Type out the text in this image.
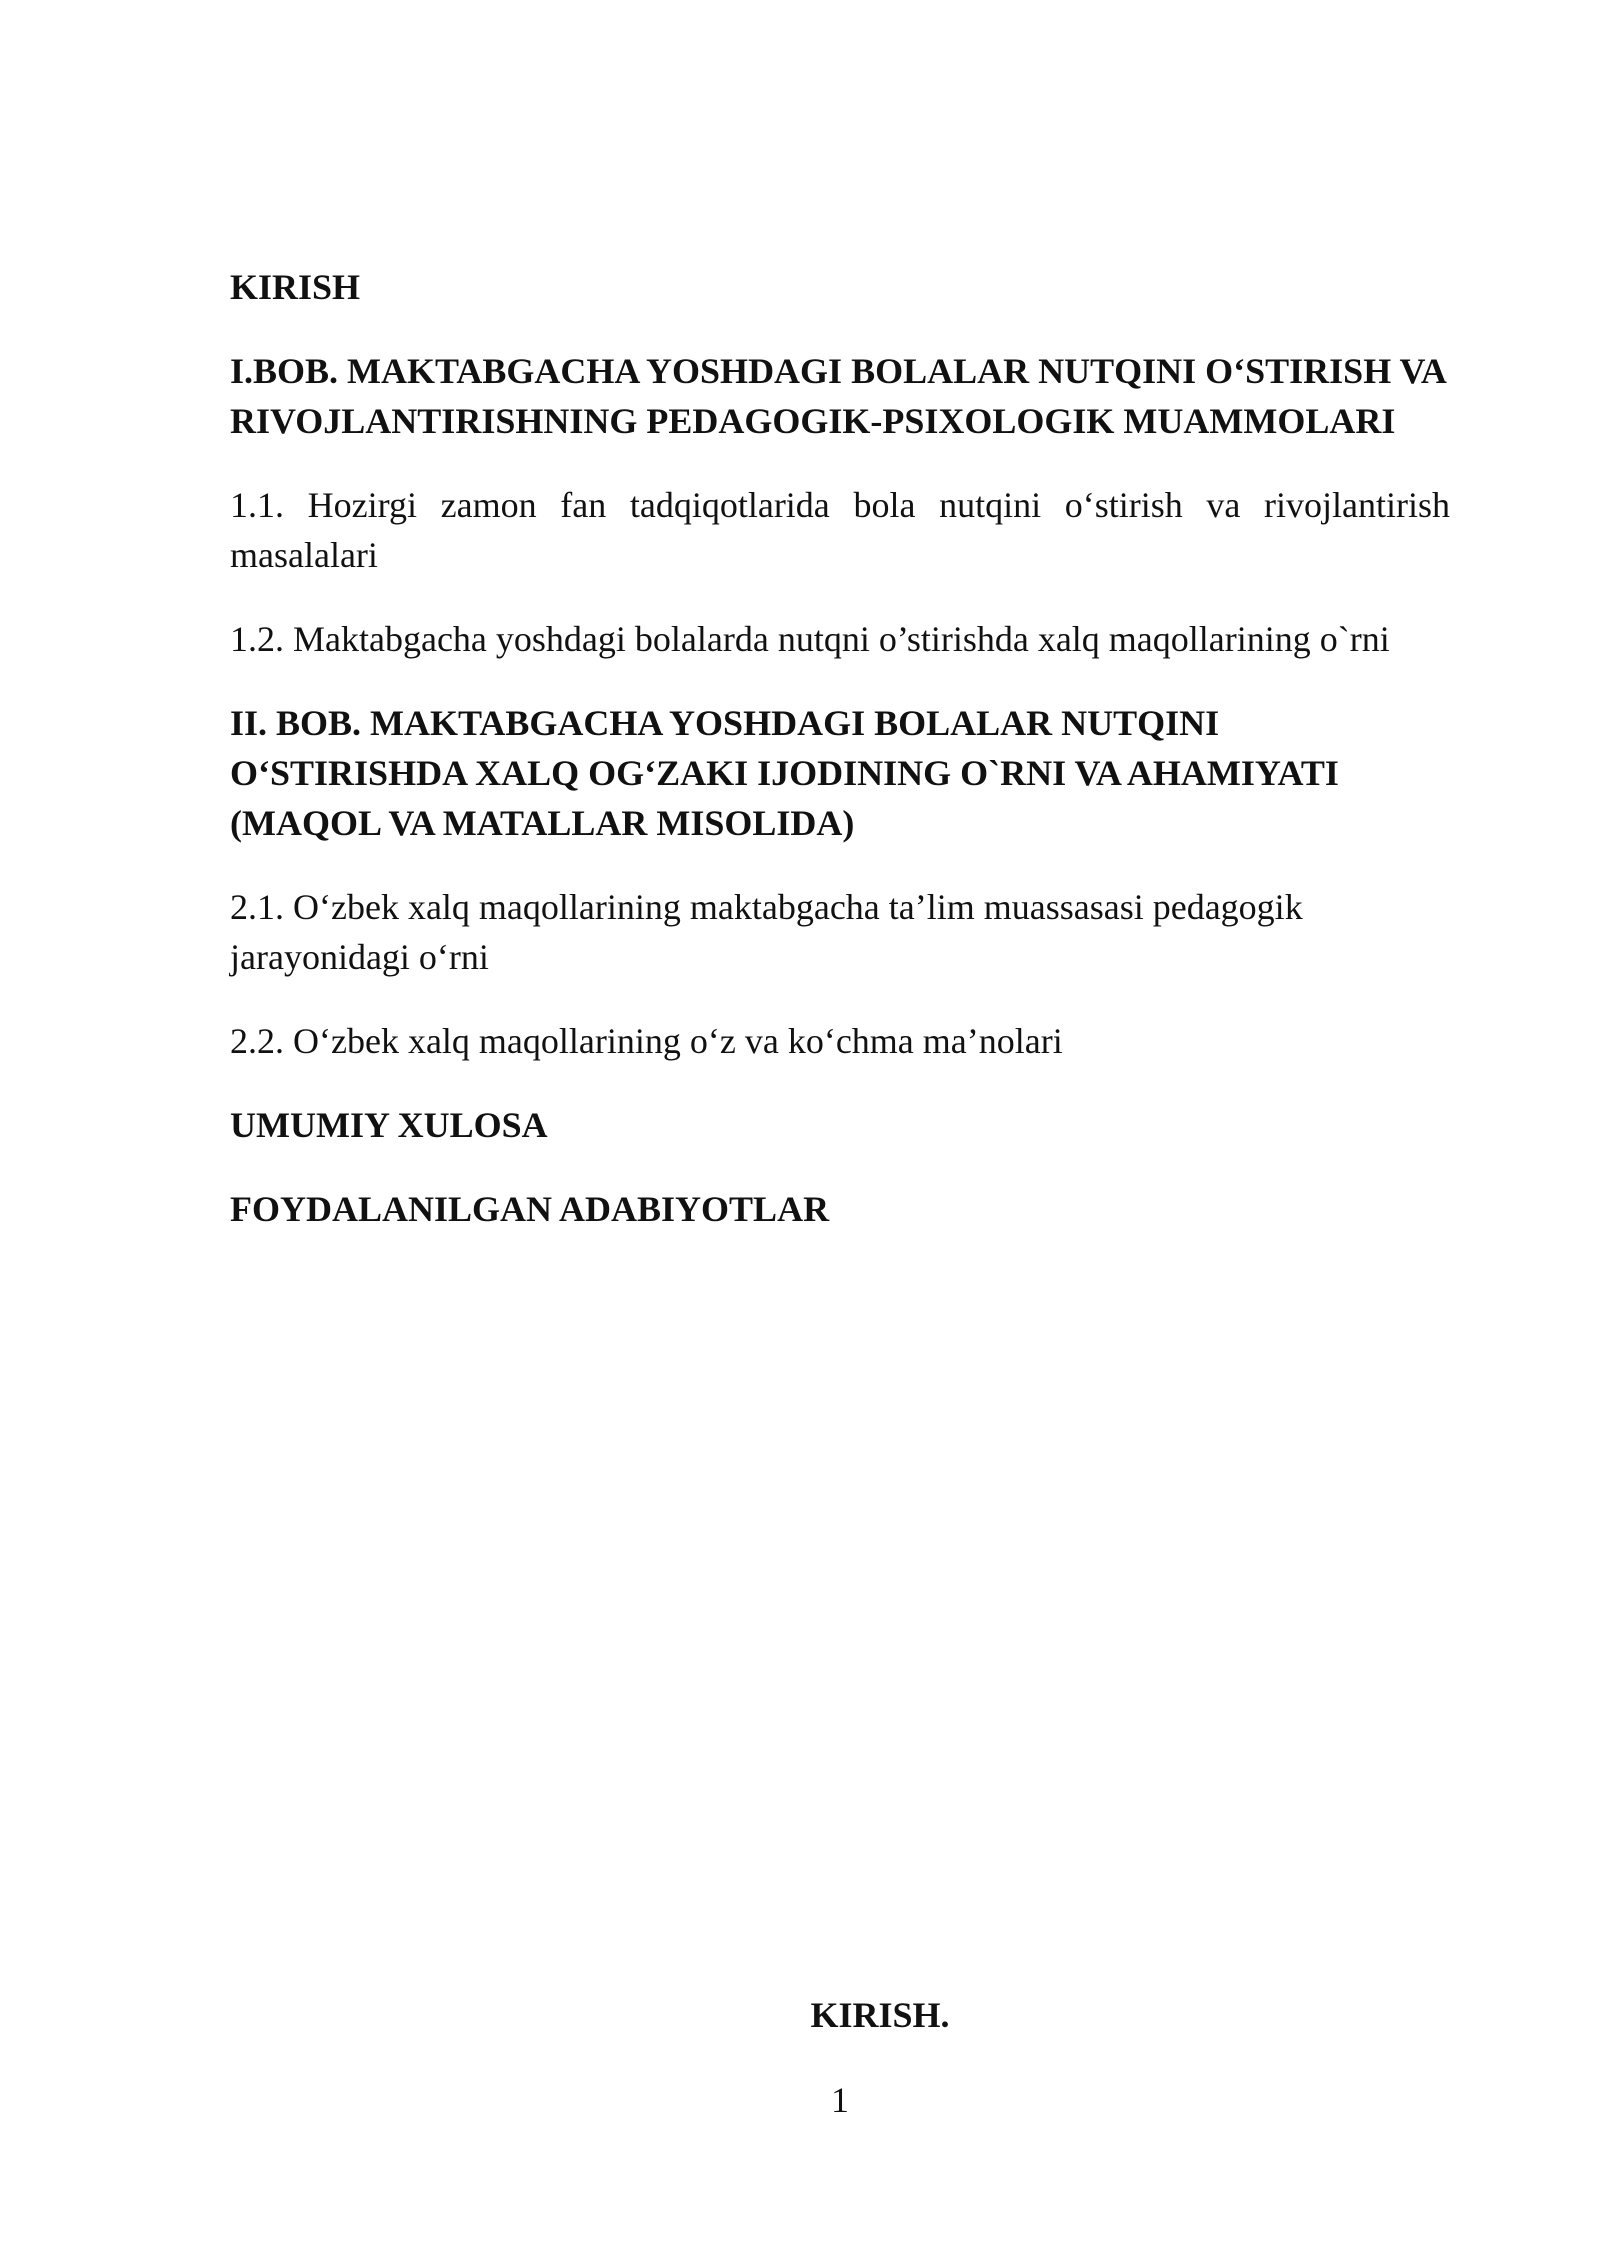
KIRISH

I.BOB. MAKTABGACHA YOSHDAGI BOLALAR NUTQINI O‘STIRISH VA RIVOJLANTIRISHNING PEDAGOGIK-PSIXOLOGIK MUAMMOLARI

1.1. Hozirgi zamon fan tadqiqotlarida bola nutqini o‘stirish va rivojlantirish masalalari

1.2. Maktabgacha yoshdagi bolalarda nutqni o’stirishda xalq maqollarining o`rni

II. BOB. MAKTABGACHA YOSHDAGI BOLALAR NUTQINI O‘STIRISHDA XALQ OG‘ZAKI IJODINING O`RNI VA AHAMIYATI (MAQOL VA MATALLAR MISOLIDA)

2.1. O‘zbek xalq maqollarining maktabgacha ta’lim muassasasi pedagogik jarayonidagi o‘rni

2.2. O‘zbek xalq maqollarining o‘z va ko‘chma ma’nolari

UMUMIY XULOSA

FOYDALANILGAN ADABIYOTLAR

KIRISH.
1
